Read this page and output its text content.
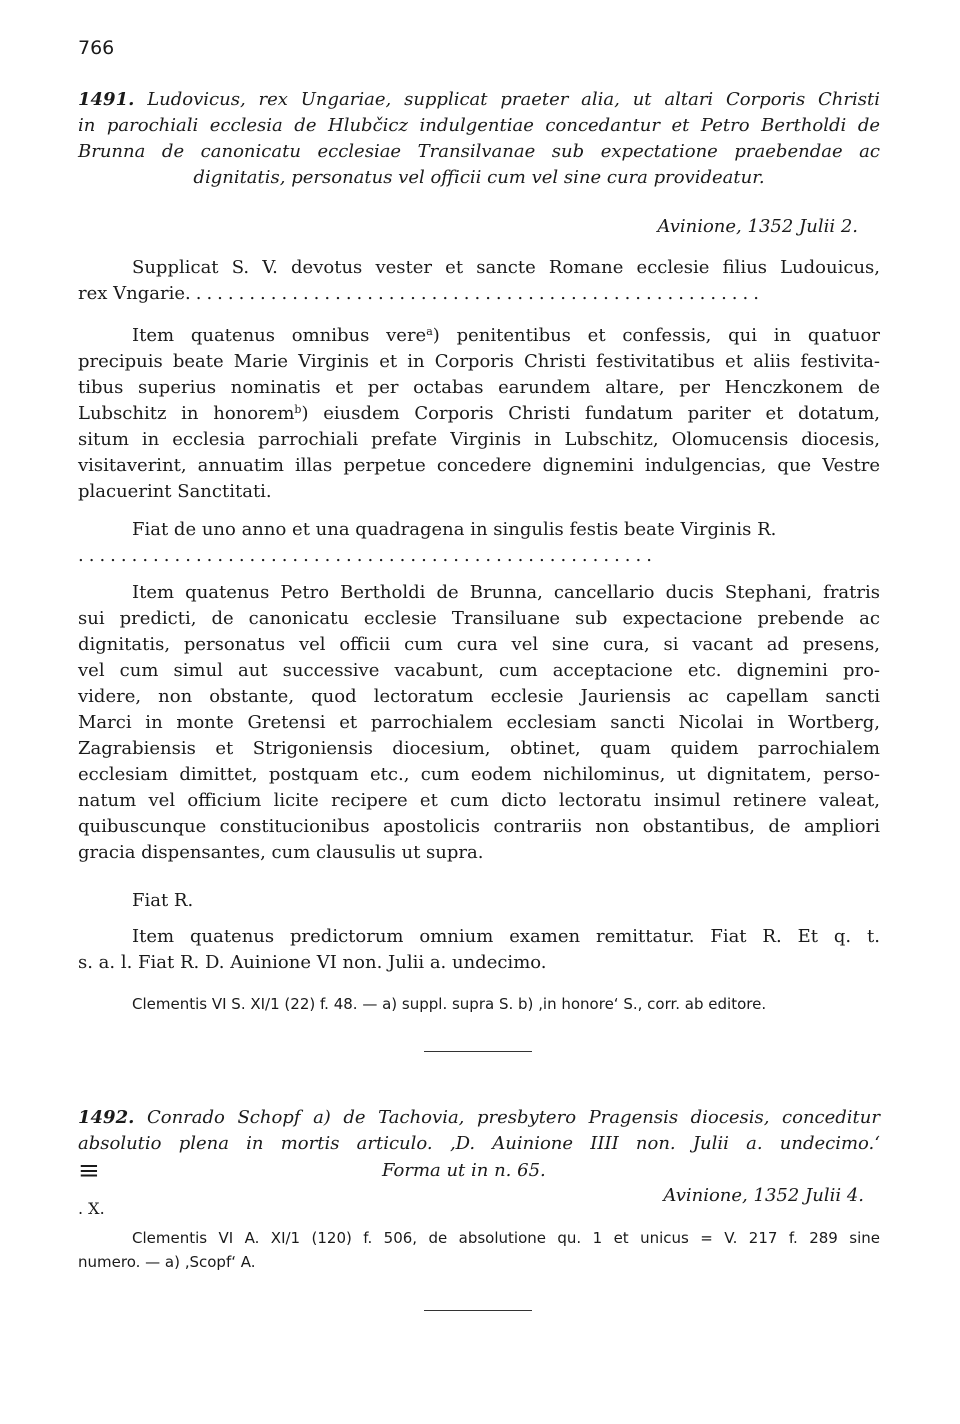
766
1491. Ludovicus, rex Ungariae, supplicat praeter alia, ut altari Corporis Christi
in parochiali ecclesia de Hlubčicz indulgentiae concedantur et Petro Bertholdi de
Brunna de canonicatu ecclesiae Transilvanae sub expectatione praebendae ac
dignitatis, personatus vel officii cum vel sine cura provideatur.
Avinione, 1352 Julii 2.
Supplicat S. V. devotus vester et sancte Romane ecclesie filius Ludouicus,
rex Vngarie......................................................
Item quatenus omnibus vere$^a$) penitentibus et confessis, qui in quatuor
precipuis beate Marie Virginis et in Corporis Christi festivitatibus et aliis festivita-
tibus superius nominatis et per octabas earundem altare, per Henczkonem de
Lubschitz in honorem$^b$) eiusdem Corporis Christi fundatum pariter et dotatum,
situm in ecclesia parrochiali prefate Virginis in Lubschitz, Olomucensis diocesis,
visitaverint, annuatim illas perpetue concedere dignemini indulgencias, que Vestre
placuerint Sanctitati.
Fiat de uno anno et una quadragena in singulis festis beate Virginis R.
......................................................
Item quatenus Petro Bertholdi de Brunna, cancellario ducis Stephani, fratris
sui predicti, de canonicatu ecclesie Transiluane sub expectacione prebende ac
dignitatis, personatus vel officii cum cura vel sine cura, si vacant ad presens,
vel cum simul aut successive vacabunt, cum acceptacione etc. dignemini pro-
videre, non obstante, quod lectoratum ecclesie Jauriensis ac capellam sancti
Marci in monte Gretensi et parrochialem ecclesiam sancti Nicolai in Wortberg,
Zagrabiensis et Strigoniensis diocesium, obtinet, quam quidem parrochialem
ecclesiam dimittet, postquam etc., cum eodem nichilominus, ut dignitatem, perso-
natum vel officium licite recipere et cum dicto lectoratu insimul retinere valeat,
quibuscunque constitucionibus apostolicis contrariis non obstantibus, de ampliori
gracia dispensantes, cum clausulis ut supra.
Fiat R.
Item quatenus predictorum omnium examen remittatur. Fiat R. Et q. t.
s. a. l. Fiat R. D. Auinione VI non. Julii a. undecimo.
Clementis VI S. XI/1 (22) f. 48. — a) suppl. supra S. b) ‚in honore‘ S., corr. ab editore.
1492. Conrado Schopf a) de Tachovia, presbytero Pragensis diocesis, conceditur
absolutio plena in mortis articulo. ‚D. Auinione IIII non. Julii a. undecimo.‘
≡
. X.
Forma ut in n. 65.
Avinione, 1352 Julii 4.
Clementis VI A. XI/1 (120) f. 506, de absolutione qu. 1 et unicus = V. 217 f. 289 sine
numero. — a) ‚Scopf‘ A.
